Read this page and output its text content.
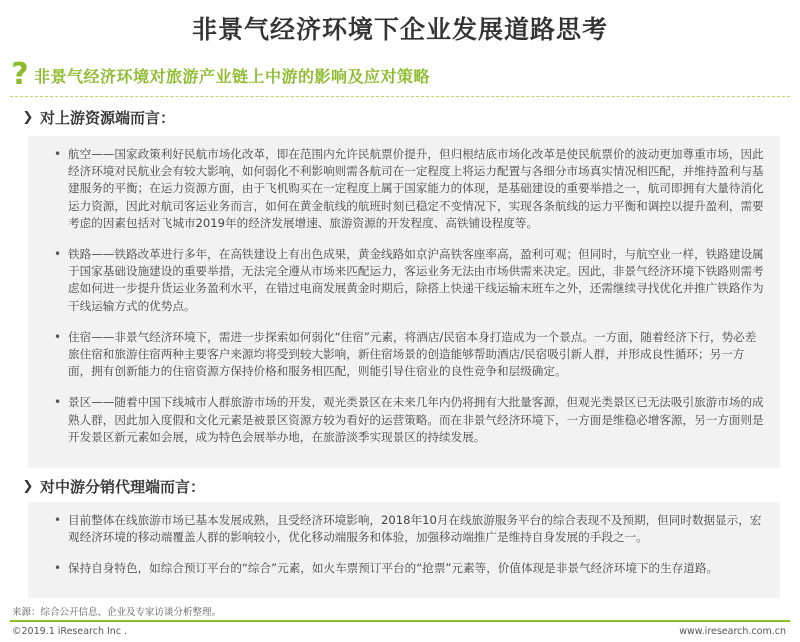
非景气经济环境下企业发展道路思考
? 非景气经济环境对旅游产业链上中游的影响及应对策略
❯ 对上游资源端而言：
• 航空——国家政策利好民航市场化改革，即在范围内允许民航票价提升，但归根结底市场化改革是使民航票价的波动更加尊重市场，因此经济环境对民航业会有较大影响，如何弱化不利影响则需各航司在一定程度上将运力配置与各细分市场真实情况相匹配，并维持盈利与基建服务的平衡；在运力资源方面，由于飞机购买在一定程度上属于国家能力的体现，是基础建设的重要举措之一，航司即拥有大量待消化运力资源，因此对航司客运业务而言，如何在黄金航线的航班时刻已稳定不变情况下，实现各条航线的运力平衡和调控以提升盈利，需要考虑的因素包括对飞城市2019年的经济发展增速、旅游资源的开发程度、高铁铺设程度等。
• 铁路——铁路改革进行多年，在高铁建设上有出色成果，黄金线路如京沪高铁客座率高，盈利可观；但同时，与航空业一样，铁路建设属于国家基础设施建设的重要举措，无法完全遵从市场来匹配运力，客运业务无法由市场供需来决定。因此，非景气经济环境下铁路则需考虑如何进一步提升货运业务盈利水平，在错过电商发展黄金时期后，除搭上快递干线运输末班车之外，还需继续寻找优化并推广铁路作为干线运输方式的优势点。
• 住宿——非景气经济环境下，需进一步探索如何弱化“住宿”元素，将酒店/民宿本身打造成为一个景点。一方面，随着经济下行，势必差旅住宿和旅游住宿两种主要客户来源均将受到较大影响，新住宿场景的创造能够帮助酒店/民宿吸引新人群，并形成良性循环；另一方面，拥有创新能力的住宿资源方保持价格和服务相匹配，则能引导住宿业的良性竞争和层级确定。
• 景区——随着中国下线城市人群旅游市场的开发，观光类景区在未来几年内仍将拥有大批量客源，但观光类景区已无法吸引旅游市场的成熟人群，因此加入度假和文化元素是被景区资源方较为看好的运营策略。而在非景气经济环境下，一方面是维稳必增客源，另一方面则是开发景区新元素如会展，成为特色会展举办地，在旅游淡季实现景区的持续发展。
❯ 对中游分销代理端而言：
• 目前整体在线旅游市场已基本发展成熟，且受经济环境影响，2018年10月在线旅游服务平台的综合表现不及预期，但同时数据显示，宏观经济环境的移动端覆盖人群的影响较小，优化移动端服务和体验，加强移动端推广是维持自身发展的手段之一。
• 保持自身特色，如综合预订平台的“综合”元素，如火车票预订平台的“抢票”元素等，价值体现是非景气经济环境下的生存道路。
来源：综合公开信息、企业及专家访谈分析整理。
©2019.1 iResearch Inc .	www.iresearch.com.cn
